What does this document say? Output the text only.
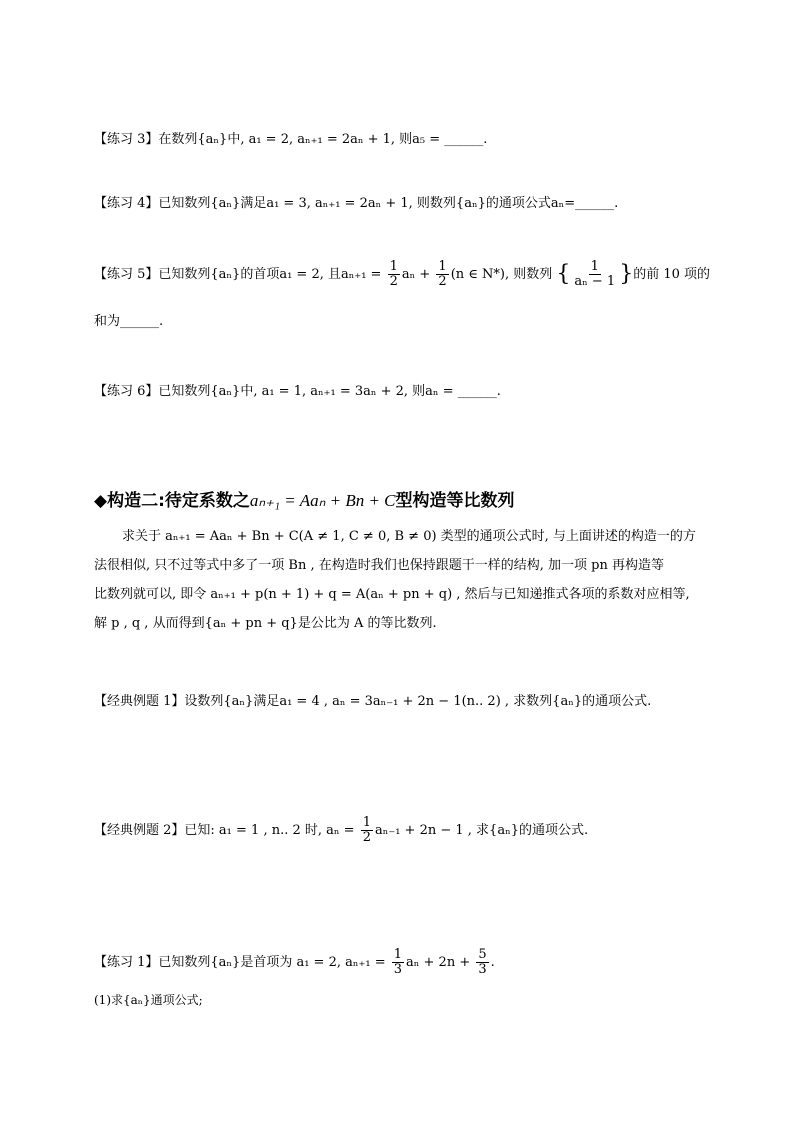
【练习 3】在数列{aₙ}中, a₁ = 2, aₙ₊₁ = 2aₙ + 1, 则a₅ = ______.
【练习 4】已知数列{aₙ}满足a₁ = 3, aₙ₊₁ = 2aₙ + 1, 则数列{aₙ}的通项公式aₙ=______.
【练习 5】已知数列{aₙ}的首项a₁ = 2, 且$a_{n+1} = \frac{1}{2}$ $a_n + \frac{1}{2} (n$ ∈ N*), 则数列 { $\frac{1}{\text{aₙ − 1}}$ }的前 10 项的
和为______.
【练习 6】已知数列{aₙ}中, a₁ = 1, aₙ₊₁ = 3aₙ + 2, 则aₙ = ______.
◆构造二:待定系数之aₙ₊₁ = Aaₙ + Bn + C型构造等比数列
求关于 aₙ₊₁ = Aaₙ + Bn + C(A ≠ 1, C ≠ 0, B ≠ 0) 类型的通项公式时, 与上面讲述的构造一的方
法很相似, 只不过等式中多了一项 Bn , 在构造时我们也保持跟题干一样的结构, 加一项 pn 再构造等
比数列就可以, 即令 aₙ₊₁ + p(n + 1) + q = A(aₙ + pn + q) , 然后与已知递推式各项的系数对应相等,
解 p , q , 从而得到{aₙ + pn + q}是公比为 A 的等比数列.
【经典例题 1】设数列{aₙ}满足a₁ = 4 , aₙ = 3aₙ₋₁ + 2n − 1(n.. 2) , 求数列{aₙ}的通项公式.
【经典例题 2】已知: a₁ = 1 , n.. 2 时, $a_n = \frac{1}{2} a_{n-1} + 2n - 1$ , 求{aₙ}的通项公式.
【练习 1】已知数列{aₙ}是首项为 a₁ = 2, $a_{n+1} = \frac{1}{3}$ $a_n + 2n + \frac{5}{3}$ .
(1)求{aₙ}通项公式;
